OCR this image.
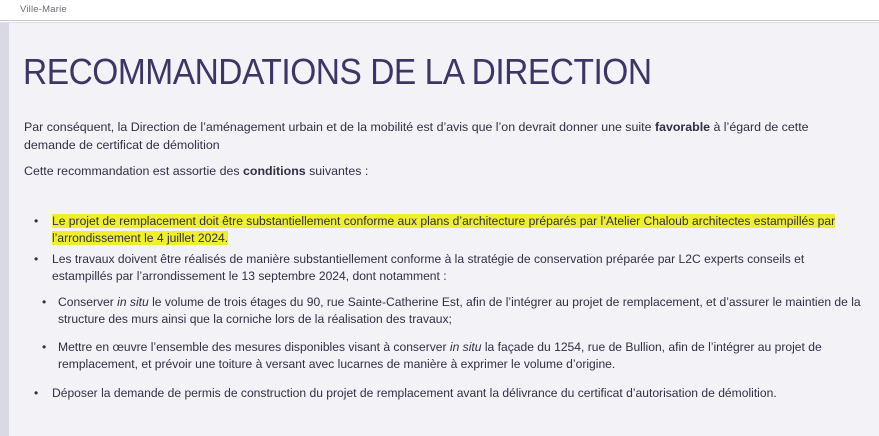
Ville-Marie
RECOMMANDATIONS DE LA DIRECTION
Par conséquent, la Direction de l’aménagement urbain et de la mobilité est d’avis que l’on devrait donner une suite favorable à l’égard de cette demande de certificat de démolition
Cette recommandation est assortie des conditions suivantes :
• Le projet de remplacement doit être substantiellement conforme aux plans d’architecture préparés par l’Atelier Chaloub architectes estampillés par l’arrondissement le 4 juillet 2024.
• Les travaux doivent être réalisés de manière substantiellement conforme à la stratégie de conservation préparée par L2C experts conseils et estampillés par l’arrondissement le 13 septembre 2024, dont notamment :
• Conserver in situ le volume de trois étages du 90, rue Sainte-Catherine Est, afin de l’intégrer au projet de remplacement, et d’assurer le maintien de la structure des murs ainsi que la corniche lors de la réalisation des travaux;
• Mettre en œuvre l’ensemble des mesures disponibles visant à conserver in situ la façade du 1254, rue de Bullion, afin de l’intégrer au projet de remplacement, et prévoir une toiture à versant avec lucarnes de manière à exprimer le volume d’origine.
• Déposer la demande de permis de construction du projet de remplacement avant la délivrance du certificat d’autorisation de démolition.
